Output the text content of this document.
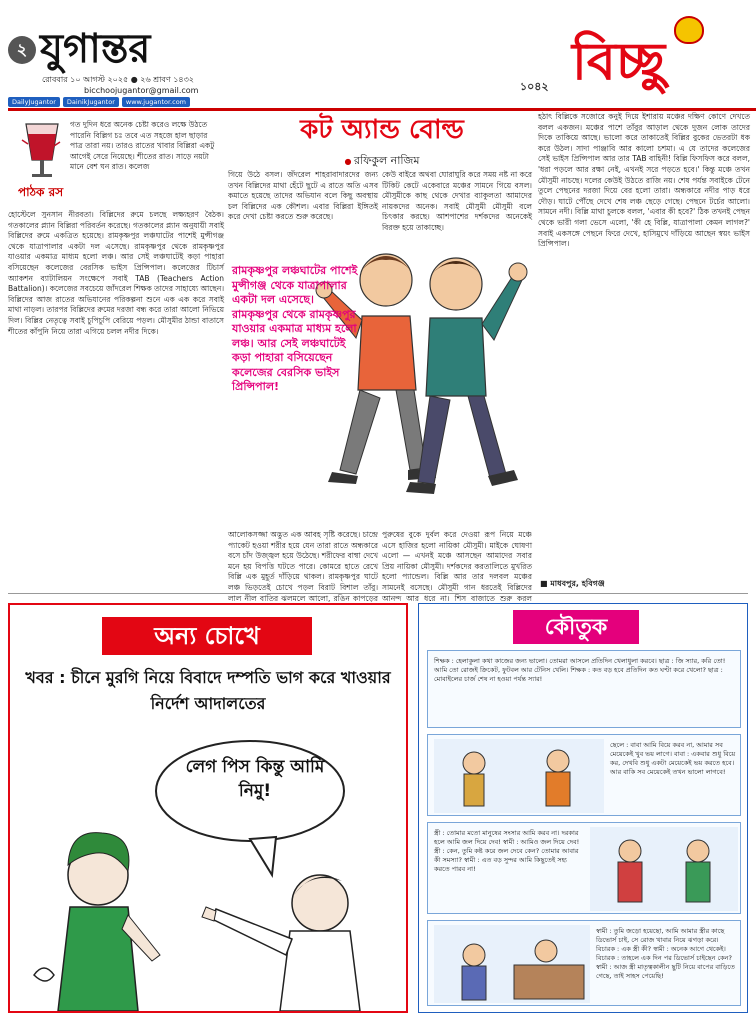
২ যুগান্তর
রোববার ১০ আগস্ট ২০২৫ ● ২৬ শ্রাবণ ১৪৩২
bicchoojugantor@gmail.com
DailyJugantor	DainikJugantor	www.jugantor.com
১০৪২ বিচ্ছু
পাঠক রস
গত দুদিন ধরে অনেক চেষ্টা করেও লক্ষে উঠতে পারেনি বিল্লিগ চঃ তবে এত সহজে হাল ছাড়ার পাত্র তারা নয়। তারও রাতের খাবার বিল্লিরা একটু আগেই সেরে নিয়েছে। শীতের রাত। সাড়ে নয়টা মানে বেশ ঘন রাত। কলেজ
হোস্টেলে সুনসান নীরবতা। বিল্লিদের রুমে চলছে লক্ষ্যহরণ বৈঠক। গতকালের প্ল্যান বিল্লিরা পরিবর্তন করেছে। গতকালের প্ল্যান অনুযায়ী সবাই বিল্লিদের রুমে একত্রিত হয়েছে। রামকৃষ্ণপুর লঞ্চঘাটের পাশেই মুন্সীগঞ্জ থেকে যাত্রাপালার একটা দল এসেছে। রামকৃষ্ণপুর থেকে রামকৃষ্ণপুর যাওয়ার একমাত্র মাধ্যম হলো লঞ্চ। আর সেই লঞ্চঘাটেই কড়া পাহারা বসিয়েছেন কলেজের বেরসিক ভাইস প্রিন্সিপাল। কলেজের টিচার্স অ্যাকশন ব্যাটালিয়ন সংক্ষেপে সবাই TAB (Teachers Action Battalion)। কলেজের সবচেয়ে জাঁদরেল শিক্ষক তাদের সাহায্যে আছেন। বিল্লিদের আজ রাতের অভিযানের পরিকল্পনা শুনে এক এক করে সবাই মাথা নাড়ল। তারপর বিল্লিদের রুমের দরজা বন্ধ করে তারা আলো নিভিয়ে দিল। বিল্লির নেতৃত্বে সবাই চুপিচুপি বেরিয়ে পড়ল। মৌসুমীর ঠান্ডা বাতাসে শীতের কাঁপুনি নিয়ে তারা এগিয়ে চলল নদীর দিকে।
কট অ্যান্ড বোল্ড
● রফিকুল নাজিম
গিয়ে উঠে বসল। জঁদরেল শাহরাবাদারদের জন্য তখন বিল্লিদের মাথা হেঁটে ছুটে এ রাতে অতি এসব কমাতে হয়েছে তাদের অভিযান বলে কিছু অবস্থায় চল বিল্লিদের এক কৌশল। এবার বিল্লিরা ইঙ্গিতই করে দেখা চেষ্টা করতে শুরু করেছে।
কেউ বাইরে অথবা ঘোরাঘুরি করে সময় নষ্ট না করে টিকিট কেটে একেবারে মঞ্চের সামনে গিয়ে বসল। মৌসুমীকে কাছ থেকে দেখার ব্যাকুলতা আমাদের নায়কদের অনেক। সবাই মৌসুমী মৌসুমী বলে চিৎকার করছে। আশপাশের দর্শকদের অনেকেই বিরক্ত হয়ে তাকাচ্ছে।
রামকৃষ্ণপুর লঞ্চঘাটের পাশেই মুন্সীগঞ্জ থেকে যাত্রাপালার একটা দল এসেছে। রামকৃষ্ণপুর থেকে রামকৃষ্ণপুর যাওয়ার একমাত্র মাধ্যম হলো লঞ্চ। আর সেই লঞ্চঘাটেই কড়া পাহারা বসিয়েছেন কলেজের বেরসিক ভাইস প্রিন্সিপাল!
আলোকসজ্জা অদ্ভুত এক আবহ সৃষ্টি করেছে। চান্দ্রে প্যাকেট হওয়া শরীর হয়ে যেন তারা রাতে অন্ধকারে বসে চাঁদ উজ্জ্বল হয়ে উঠেছে। শরীফের বাম্বা দেখে মনে হয় বিপত্তি ঘটতে পারে। কোমরে হাতে রেখে বিল্লি এক মুহূর্ত দাঁড়িয়ে থাকল। রামকৃষ্ণপুর ঘাটে লঞ্চ ভিড়তেই চোখে পড়ল বিরাট বিশাল তাঁবু। লাল নীল বাতির ঝলমলে আলো, রঙিন কাপড়ের
পুরুষের বুকে দুর্বল করে দেওয়া রূপ নিয়ে মঞ্চে এসে হাজির হলো নায়িকা মৌসুমী। মাইকে ঘোষণা এলো — এখনই মঞ্চে আসছেন আমাদের সবার প্রিয় নায়িকা মৌসুমী। দর্শকদের করতালিতে মুখরিত হলো প্যান্ডেল। বিল্লি আর তার দলবল মঞ্চের সামনেই বসেছে। মৌসুমী গান ধরতেই বিল্লিদের আনন্দ আর ধরে না। শিস বাজাতে শুরু করল
হঠাৎ বিল্লিকে সজোরে কনুই দিয়ে ইশারায় মঞ্চের দক্ষিণ কোণে দেখতে বলল একজন। মঞ্চের পাশে তাঁবুর আড়াল থেকে দুজন লোক তাদের দিকে তাকিয়ে আছে। ভালো করে তাকাতেই বিল্লির বুকের ভেতরটা ধক করে উঠল। সাদা পাঞ্জাবি আর কালো চশমা। এ যে তাদের কলেজের সেই ভাইস প্রিন্সিপাল আর তার TAB বাহিনী! বিল্লি ফিসফিস করে বলল, 'ধরা পড়লে আর রক্ষা নেই, এখনই সরে পড়তে হবে।' কিন্তু মঞ্চে তখন মৌসুমী নাচছে। দলের কেউই উঠতে রাজি নয়। শেষ পর্যন্ত সবাইকে টেনে তুলে পেছনের দরজা দিয়ে বের হলো তারা। অন্ধকারে নদীর পাড় ধরে দৌড়। ঘাটে পৌঁছে দেখে শেষ লঞ্চ ছেড়ে গেছে। পেছনে টর্চের আলো। সামনে নদী। বিল্লি মাথা চুলকে বলল, 'এবার কী হবে?' ঠিক তখনই পেছন থেকে ভারী গলা ভেসে এলো, 'কী হে বিল্লি, যাত্রাপালা কেমন লাগল?' সবাই একসঙ্গে পেছনে ফিরে দেখে, হাসিমুখে দাঁড়িয়ে আছেন স্বয়ং ভাইস প্রিন্সিপাল।
■ মাধবপুর, হবিগঞ্জ
অন্য চোখে
খবর : চীনে মুরগি নিয়ে বিবাদে দম্পতি ভাগ করে খাওয়ার নির্দেশ আদালতের
লেগ পিস কিন্তু আমি নিমু!
কৌতুক
শিক্ষক : হেলাকুলা কথা কাজের জন্য ভালো। তোমরা আসলে প্রতিদিন খেলাধুলা করবে। ছাত্র : জি স্যার, করি তো! আমি তো রোজই ক্রিকেট, ফুটবল আর টেনিস খেলি। শিক্ষক : কত বড় হবে প্রতিদিন কত ঘণ্টা করে খেলো? ছাত্র : মোবাইলের চার্জ শেষ না হওয়া পর্যন্ত স্যার!
ছেলে : বাবা আমি বিয়ে করব না, আমার সব মেয়েকেই খুব ভয় লাগে। বাবা : একবার শুধু বিয়ে কর, দেখবি শুধু একটা মেয়েকেই ভয় করতে হবে। আর বাকি সব মেয়েকেই তখন ভালো লাগবে!
স্ত্রী : তোমার মতো মানুষের সংসার আমি করব না। দরকার হলে আমি জল দিয়ে দেব! স্বামী : আমিও জল দিয়ে দেব! স্ত্রী : কেন, তুমি কষ্ট করে জল দেবে কেন? তোমার আবার কী সমস্যা? স্বামী : এত বড় সুন্দর আমি কিছুতেই সহ্য করতে পারব না!
স্বামী : তুমি জড়ো হয়েছো, আমি আমার স্ত্রীর কাছে ডিভোর্স চাই, সে রোজ খাবার নিয়ে ঝগড়া করে। বিচারক : এক স্ত্রী কী? স্বামী : অনেক আগে থেকেই। বিচারক : তাহলে এক দিন পর ডিভোর্স চাইছেন কেন? স্বামী : আজ স্ত্রী মাতৃত্বকালীন ছুটি নিয়ে বাপের বাড়িতে গেছে, তাই সাহস পেয়েছি!
